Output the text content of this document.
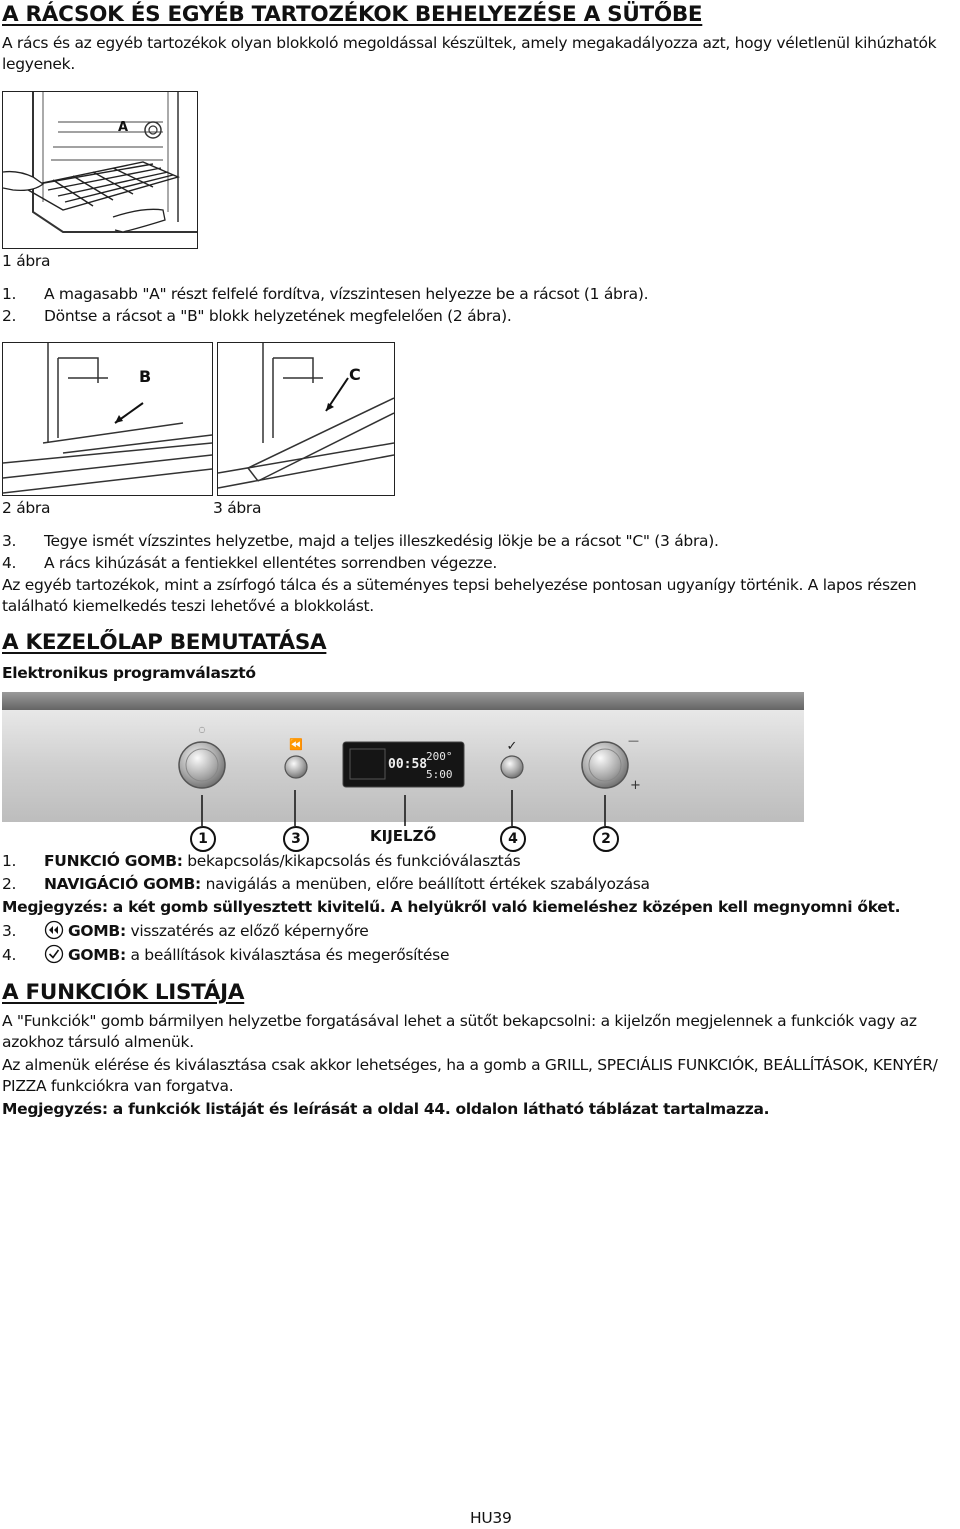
A RÁCSOK ÉS EGYÉB TARTOZÉKOK BEHELYEZÉSE A SÜTŐBE
A rács és az egyéb tartozékok olyan blokkoló megoldással készültek, amely megakadályozza azt, hogy véletlenül kihúzhatók legyenek.
A
1 ábra
1. A magasabb "A" részt felfelé fordítva, vízszintesen helyezze be a rácsot (1 ábra).
2. Döntse a rácsot a "B" blokk helyzetének megfelelően (2 ábra).
B	C
2 ábra	3 ábra
3. Tegye ismét vízszintes helyzetbe, majd a teljes illeszkedésig lökje be a rácsot "C" (3 ábra).
4. A rács kihúzását a fentiekkel ellentétes sorrendben végezze.
Az egyéb tartozékok, mint a zsírfogó tálca és a süteményes tepsi behelyezése pontosan ugyanígy történik. A lapos részen található kiemelkedés teszi lehetővé a blokkolást.
A KEZELŐLAP BEMUTATÁSA
Elektronikus programválasztó
◌
⏪	✓
200°
00:58
5:00
—
+
1	3	KIJELZŐ	4	2
1. FUNKCIÓ GOMB: bekapcsolás/kikapcsolás és funkcióválasztás
2. NAVIGÁCIÓ GOMB: navigálás a menüben, előre beállított értékek szabályozása
Megjegyzés: a két gomb süllyesztett kivitelű. A helyükről való kiemeléshez középen kell megnyomni őket.
3.	GOMB: visszatérés az előző képernyőre
4.	GOMB: a beállítások kiválasztása és megerősítése
A FUNKCIÓK LISTÁJA
A "Funkciók" gomb bármilyen helyzetbe forgatásával lehet a sütőt bekapcsolni: a kijelzőn megjelennek a funkciók vagy az azokhoz társuló almenük.
Az almenük elérése és kiválasztása csak akkor lehetséges, ha a gomb a GRILL, SPECIÁLIS FUNKCIÓK, BEÁLLÍTÁSOK, KENYÉR/ PIZZA funkciókra van forgatva.
Megjegyzés: a funkciók listáját és leírását a oldal 44. oldalon látható táblázat tartalmazza.
HU39
